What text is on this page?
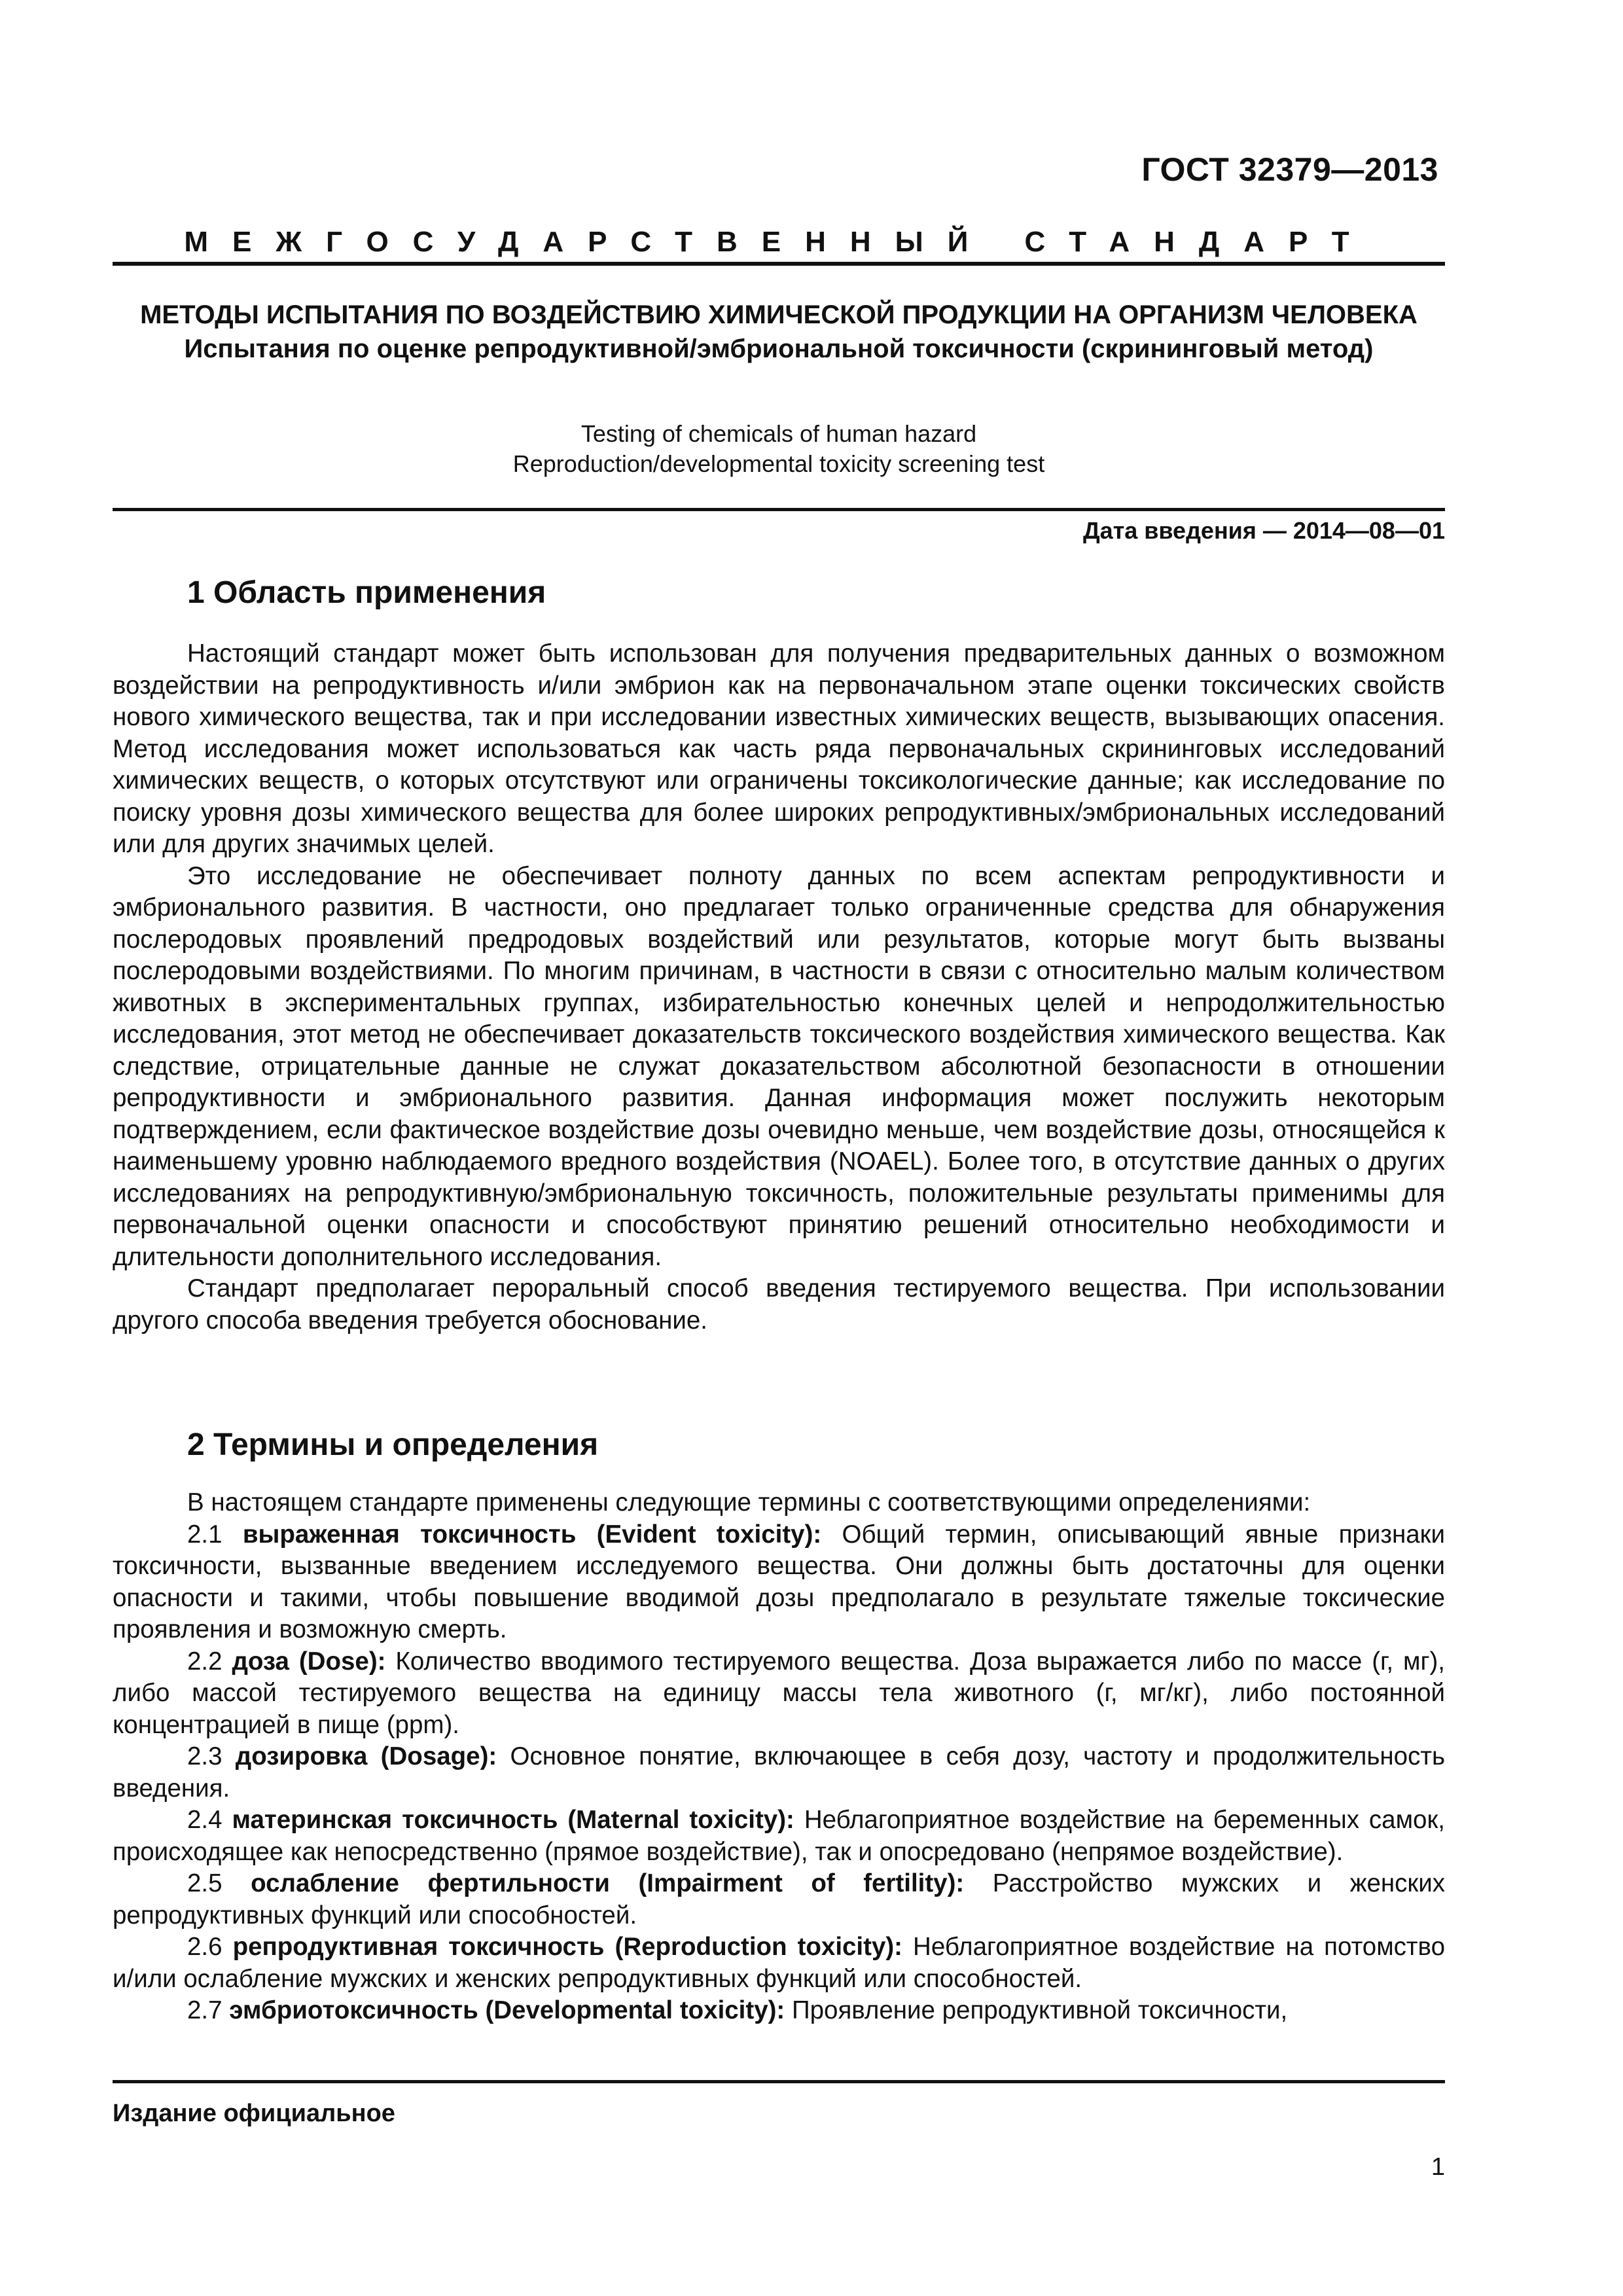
ГОСТ 32379—2013
МЕЖГОСУДАРСТВЕННЫЙ СТАНДАРТ
МЕТОДЫ ИСПЫТАНИЯ ПО ВОЗДЕЙСТВИЮ ХИМИЧЕСКОЙ ПРОДУКЦИИ НА ОРГАНИЗМ ЧЕЛОВЕКА
Испытания по оценке репродуктивной/эмбриональной токсичности (скрининговый метод)
Testing of chemicals of human hazard
Reproduction/developmental toxicity screening test
Дата введения — 2014—08—01
1 Область применения

Настоящий стандарт может быть использован для получения предварительных данных о возможном воздействии на репродуктивность и/или эмбрион как на первоначальном этапе оценки токсических свойств нового химического вещества, так и при исследовании известных химических веществ, вызывающих опасения. Метод исследования может использоваться как часть ряда первоначальных скрининговых исследований химических веществ, о которых отсутствуют или ограничены токсикологические данные; как исследование по поиску уровня дозы химического вещества для более широких репродуктивных/эмбриональных исследований или для других значимых целей.

Это исследование не обеспечивает полноту данных по всем аспектам репродуктивности и эмбрионального развития. В частности, оно предлагает только ограниченные средства для обнаружения послеродовых проявлений предродовых воздействий или результатов, которые могут быть вызваны послеродовыми воздействиями. По многим причинам, в частности в связи с относительно малым количеством животных в экспериментальных группах, избирательностью конечных целей и непродолжительностью исследования, этот метод не обеспечивает доказательств токсического воздействия химического вещества. Как следствие, отрицательные данные не служат доказательством абсолютной безопасности в отношении репродуктивности и эмбрионального развития. Данная информация может послужить некоторым подтверждением, если фактическое воздействие дозы очевидно меньше, чем воздействие дозы, относящейся к наименьшему уровню наблюдаемого вредного воздействия (NOAEL). Более того, в отсутствие данных о других исследованиях на репродуктивную/эмбриональную токсичность, положительные результаты применимы для первоначальной оценки опасности и способствуют принятию решений относительно необходимости и длительности дополнительного исследования.

Стандарт предполагает пероральный способ введения тестируемого вещества. При использовании другого способа введения требуется обоснование.

2 Термины и определения

В настоящем стандарте применены следующие термины с соответствующими определениями:

2.1 выраженная токсичность (Evident toxicity): Общий термин, описывающий явные признаки токсичности, вызванные введением исследуемого вещества. Они должны быть достаточны для оценки опасности и такими, чтобы повышение вводимой дозы предполагало в результате тяжелые токсические проявления и возможную смерть.

2.2 доза (Dose): Количество вводимого тестируемого вещества. Доза выражается либо по массе (г, мг), либо массой тестируемого вещества на единицу массы тела животного (г, мг/кг), либо постоянной концентрацией в пище (ppm).

2.3 дозировка (Dosage): Основное понятие, включающее в себя дозу, частоту и продолжительность введения.

2.4 материнская токсичность (Maternal toxicity): Неблагоприятное воздействие на беременных самок, происходящее как непосредственно (прямое воздействие), так и опосредовано (непрямое воздействие).

2.5 ослабление фертильности (Impairment of fertility): Расстройство мужских и женских репродуктивных функций или способностей.

2.6 репродуктивная токсичность (Reproduction toxicity): Неблагоприятное воздействие на потомство и/или ослабление мужских и женских репродуктивных функций или способностей.

2.7 эмбриотоксичность (Developmental toxicity): Проявление репродуктивной токсичности,

Издание официальное
1
